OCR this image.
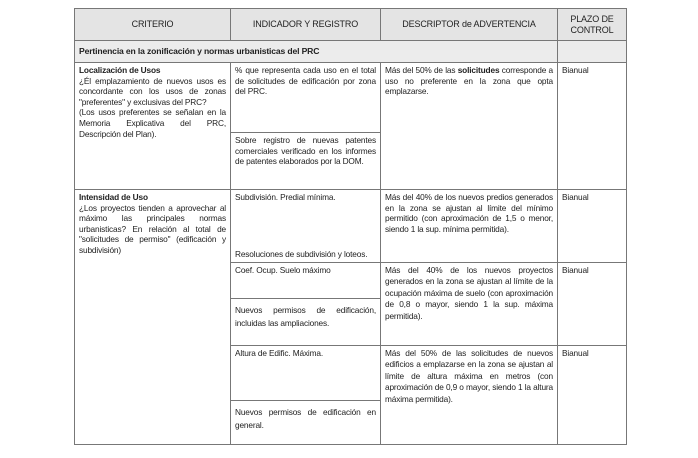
CRITERIO	INDICADOR Y REGISTRO	DESCRIPTOR de ADVERTENCIA
PLAZO DE CONTROL
Pertinencia en la zonificación y normas urbanisticas del PRC
Localización de Usos
¿Él emplazamiento de nuevos usos es concordante con los usos de zonas "preferentes" y exclusivas del PRC?
(Los usos preferentes se señalan en la Memoria Explicativa del PRC, Descripción del Plan).
% que representa cada uso en el total de solicitudes de edificación por zona del PRC.
Sobre registro de nuevas patentes comerciales verificado en los informes de patentes elaborados por la DOM.
Más del 50% de las solicitudes corresponde a uso no preferente en la zona que opta emplazarse.
Bianual
Intensidad de Uso
¿Los proyectos tienden a aprovechar al máximo las principales normas urbanisticas? En relación al total de "solicitudes de permiso" (edificación y subdivisión)
Subdivisión. Predial mínima.
Resoluciones de subdivisión y loteos.
Más del 40% de los nuevos predios generados en la zona se ajustan al límite del mínimo permitido (con aproximación de 1,5 o menor, siendo 1 la sup. mínima permitida).
Bianual
Coef. Ocup. Suelo máximo
Nuevos permisos de edificación, incluidas las ampliaciones.
Más del 40% de los nuevos proyectos generados en la zona se ajustan al límite de la ocupación máxima de suelo (con aproximación de 0,8 o mayor, siendo 1 la sup. máxima permitida).
Bianual
Altura de Edific. Máxima.
Nuevos permisos de edificación en general.
Más del 50% de las solicitudes de nuevos edificios a emplazarse en la zona se ajustan al límite de altura máxima en metros (con aproximación de 0,9 o mayor, siendo 1 la altura máxima permitida).
Bianual
